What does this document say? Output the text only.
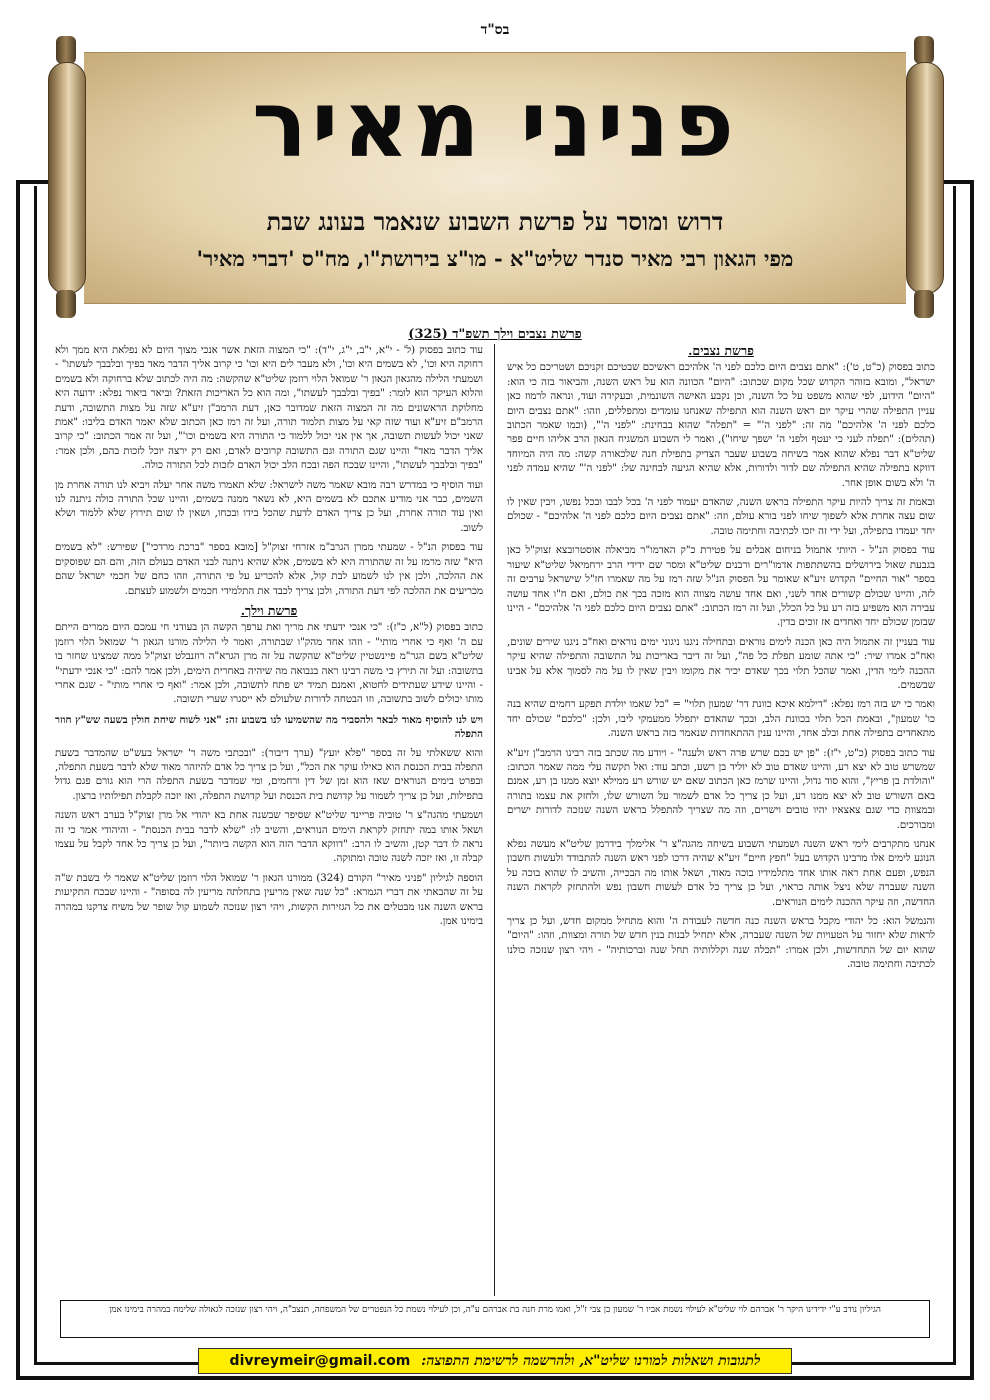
בס"ד
פניני מאיר
דרוש ומוסר על פרשת השבוע שנאמר בעונג שבת
מפי הגאון רבי מאיר סנדר שליט"א - מו"צ בירושת"ו, מח"ס 'דברי מאיר'
פרשת נצבים וילך תשפ"ד (325)
פרשת נצבים.

כתוב בפסוק (כ"ט, ט'): "אתם נצבים היום כלכם לפני ה' אלהיכם ראשיכם שבטיכם זקניכם ושטריכם כל איש ישראל", ומובא בזוהר הקדוש שכל מקום שכתוב: "היום" הכוונה הוא על ראש השנה, והביאור בזה כי הוא: "היום" הידוע, לפי שהוא משפט על כל השנה, וכן נקבע האישה השונמית, ובעקידה ועוד, ונראה לרמוז כאן עניין התפילה שהרי עיקר יום ראש השנה הוא התפילה שאנחנו עומדים ומתפללים, וזהו: "אתם נצבים היום כלכם לפני ה' אלהיכם" מה זה: "לפני ה'" = "תפלה" שהוא בבחינת: "לפני ה'", (וכמו שאמר הכתוב (תהלים): "תפלה לעני כי יעטף ולפני ה' ישפך שיחו"), ואמר לי השבוע המשגיח הגאון הרב אליהו חיים פפר שליט"א דבר נפלא שהוא אמר בשיחה בשבוע שעבר הצדיק בתפילת חנה שלכאורה קשה: מה היה המיוחד דווקא בתפילה שהיא התפילה שם לדור ולדורות, אלא שהיא הגיעה לבחינה של: "לפני ה'" שהיא עמדה לפני ה' ולא בשום אופן אחר.

ובאמת זה צריך להיות עיקר התפילה בראש השנה, שהאדם יעמוד לפני ה' בכל לבבו ובכל נפשו, ויבין שאין לו שום עצה אחרת אלא לשפוך שיחו לפני בורא עולם, וזה: "אתם נצבים היום כלכם לפני ה' אלהיכם" - שכולם יחד יעמדו בתפילה, ועל ידי זה יזכו לכתיבה וחתימה טובה.

עוד בפסוק הנ"ל - היותי אתמול בניחום אבלים על פטירת כ"ק האדמו"ר מביאלה אוסטרובצא זצוק"ל כאן בגבעת שאול בירושלים בהשתתפות אדמו"רים ורבנים שליט"א ומסר שם ידידי הרב ירחמיאל שליט"א שיעור בספר "אור החיים" הקדוש זיע"א שאומר על הפסוק הנ"ל שזה רמז על מה שאמרו חז"ל שישראל ערבים זה לזה, והיינו שכולם קשורים אחד לשני, ואם אחד עושה מצווה הוא מזכה בכך את כולם, ואם ח"ו אחד עושה עבירה הוא משפיע בזה רע על כל הכלל, ועל זה רמז הכתוב: "אתם נצבים היום כלכם לפני ה' אלהיכם" - היינו שבזמן שכולם יחד ואחדים אז זוכים בדין.

עוד בעניין זה אתמול היה כאן הכנה לימים נוראים ובתחילה ניגנו ניגוני ימים נוראים ואח"כ ניגנו שירים שונים, ואח"כ אמרו שיר: "כי אתה שומע תפלת כל פה", ועל זה דיבר באריכות על התשובה והתפילה שהיא עיקר ההכנה לימי הדין, ואמר שהכל תלוי בכך שאדם יכיר את מקומו ויבין שאין לו על מה לסמוך אלא על אבינו שבשמים.

ואמר כי יש בזה רמז נפלא: "דילמא איכא כוונת דר' שמעון תלוי" = "כל שאמו יולדת תפקע רחמים שהיא בנה כו' שמעון", ובאמת הכל תלוי בכוונת הלב, ובכך שהאדם יתפלל ממעמקי ליבו, ולכן: "כלכם" שכולם יחד מתאחדים בתפילה אחת ובלב אחד, והיינו ענין ההתאחדות שנאמר בזה בראש השנה.

עוד כתוב בפסוק (כ"ט, י"ז): "פן יש בכם שרש פרה ראש ולענה" - ויודע מה שכתב בזה רבינו הרמב"ן זיע"א שמשרש טוב לא יצא רע, והיינו שאדם טוב לא יוליד בן רשע, וכתב עוד: ואל תקשה עלי ממה שאמר הכתוב: "והולדת בן פריץ", והוא סוד גדול, והיינו שרמז כאן הכתוב שאם יש שורש רע ממילא יוצא ממנו בן רע, אמנם באם השורש טוב לא יצא ממנו רע, ועל כן צריך כל אדם לשמור על השורש שלו, ולחזק את עצמו בתורה ובמצוות כדי שגם צאצאיו יהיו טובים וישרים, וזה מה שצריך להתפלל בראש השנה שנזכה לדורות ישרים ומבורכים.

אנחנו מתקרבים לימי ראש השנה ושמעתי השבוע בשיחה מהגה"צ ר' אלימלך בידרמן שליט"א מעשה נפלא הנוגע לימים אלו מרבינו הקדוש בעל "חפץ חיים" זיע"א שהיה דרכו לפני ראש השנה להתבודד ולעשות חשבון הנפש, ופעם אחת ראה אותו אחד מתלמידיו בוכה מאוד, ושאל אותו מה הבכייה, והשיב לו שהוא בוכה על השנה שעברה שלא ניצל אותה כראוי, ועל כן צריך כל אדם לעשות חשבון נפש ולהתחזק לקראת השנה החדשה, וזה עיקר ההכנה לימים הנוראים.

והנמשל הוא: כל יהודי מקבל בראש השנה כנה חדשה לעבודת ה' והוא מתחיל ממקום חדש, ועל כן צריך לראות שלא יחזור על הטעויות של השנה שעברה, אלא יתחיל לבנות בנין חדש של תורה ומצוות, וזהו: "היום" שהוא יום של התחדשות, ולכן אמרו: "תכלה שנה וקללותיה תחל שנה וברכותיה" - ויהי רצון שנזכה כולנו לכתיבה וחתימה טובה.

עוד כתוב בפסוק (ל' - י"א, י"ב, י"ג, י"ד): "כי המצוה הזאת אשר אנכי מצוך היום לא נפלאת היא ממך ולא רחוקה היא וכו', לא בשמים היא וכו', ולא מעבר לים היא וכו' כי קרוב אליך הדבר מאד בפיך ובלבבך לעשתו" - ושמעתי הלילה מהגאון הגאון ר' שמואל הלוי רוזמן שליט"א שהקשה: מה היה לכתוב שלא ברחוקה ולא בשמים והלוא העיקר הוא לומר: "בפיך ובלבבך לעשתו", ומה הוא כל האריכות הזאת? וביאר ביאור נפלא: ידועה היא מחלוקת הראשונים מה זה המצוה הזאת שמדובר כאן, דעת הרמב"ן זיע"א שזה על מצות התשובה, ודעת הרמב"ם זיע"א ועוד שזה קאי על מצות תלמוד תורה, ועל זה רמז כאן הכתוב שלא יאמר האדם בליבו: "אמת שאני יכול לעשות תשובה, אך אין אני יכול ללמוד כי התורה היא בשמים וכו'", ועל זה אמר הכתוב: "כי קרוב אליך הדבר מאד" והיינו שגם התורה וגם התשובה קרובים לאדם, ואם רק ירצה יוכל לזכות בהם, ולכן אמר: "בפיך ובלבבך לעשתו", והיינו שבכח הפה ובכח הלב יכול האדם לזכות לכל התורה כולה.

ועוד הוסיף כי במדרש רבה מובא שאמר משה לישראל: שלא תאמרו משה אחר יעלה ויביא לנו תורה אחרת מן השמים, כבר אני מודיע אתכם לא בשמים היא, לא נשאר ממנה בשמים, והיינו שכל התורה כולה ניתנה לנו ואין עוד תורה אחרת, ועל כן צריך האדם לדעת שהכל בידו ובכחו, ושאין לו שום תירוץ שלא ללמוד ושלא לשוב.

עוד בפסוק הנ"ל - שמעתי ממרן הגרב"מ אזרחי זצוק"ל [מובא בספר "ברכת מרדכי"] שפירש: "לא בשמים היא" שזה מרמז על זה שהתורה היא לא בשמים, אלא שהיא ניתנה לבני האדם בעולם הזה, והם הם שפוסקים את ההלכה, ולכן אין לנו לשמוע לבת קול, אלא להכריע על פי התורה, וזהו כחם של חכמי ישראל שהם מכריעים את ההלכה לפי דעת התורה, ולכן צריך לכבד את התלמידי חכמים ולשמוע לעצתם.

פרשת וילך.

כתוב בפסוק (ל"א, כ"ז): "כי אנכי ידעתי את מריך ואת ערפך הקשה הן בעודני חי עמכם היום ממרים הייתם עם ה' ואף כי אחרי מותי" - וזהו אחד מהק"ו שבתורה, ואמר לי הלילה מורנו הגאון ר' שמואל הלוי רוזמן שליט"א בשם הגר"מ פיינשטיין שליט"א שהקשה על זה מרן הגרא"ה רוזנבלט זצוק"ל ממה שמצינו שחזר בו בתשובה: ועל זה תירץ כי משה רבינו ראה בנבואה מה שיהיה באחרית הימים, ולכן אמר להם: "כי אנכי ידעתי" - והיינו שידע שעתידים לחטוא, ואמנם תמיד יש פתח לתשובה, ולכן אמר: "ואף כי אחרי מותי" - שגם אחרי מותו יכולים לשוב בתשובה, וזו הבטחה לדורות שלעולם לא ייסגרו שערי תשובה.

ויש לנו להוסיף מאוד לבאר ולהסביר מה שהשמיעו לנו בשבוע זה: "אני לשוח שיחת חולין בשעה שש"ץ חוזר התפלה

והוא ששאלתי על זה בספר "פלא יועץ" (ערך דיבור): "ובכתבי משה ר' ישראל בעש"ט שהמדבר בשעת התפלה בבית הכנסת הוא כאילו עוקר את הכל", ועל כן צריך כל אדם להיזהר מאוד שלא לדבר בשעת התפלה, ובפרט בימים הנוראים שאז הוא זמן של דין ורחמים, ומי שמדבר בשעת התפלה הרי הוא גורם פגם גדול בתפילות, ועל כן צריך לשמור על קדושת בית הכנסת ועל קדושת התפלה, ואז יזכה לקבלת תפילותיו ברצון.

ושמעתי מהגה"צ ר' טוביה פריינד שליט"א שסיפר שבשנה אחת בא יהודי אל מרן זצוק"ל בערב ראש השנה ושאל אותו במה יתחזק לקראת הימים הנוראים, והשיב לו: "שלא לדבר בבית הכנסת" - והיהודי אמר כי זה נראה לו דבר קטן, והשיב לו הרב: "דווקא הדבר הזה הוא הקשה ביותר", ועל כן צריך כל אחד לקבל על עצמו קבלה זו, ואז יזכה לשנה טובה ומתוקה.

הוספה לגיליון "פניני מאיר" הקודם (324) ממורנו הגאון ר' שמואל הלוי רוזמן שליט"א שאמר לי בשבת ש"ה על זה שהבאתי את דברי הגמרא: "כל שנה שאין מריעין בתחלתה מריעין לה בסופה" - והיינו שבכח התקיעות בראש השנה אנו מבטלים את כל הגזירות הקשות, ויהי רצון שנזכה לשמוע קול שופר של משיח צדקנו במהרה בימינו אמן.

הגיליון נודב ע"י ידידינו היקר ר' אברהם לוי שליט"א לעילוי נשמת אביו ר' שמעון בן צבי ז"ל, ואמו מרת חנה בת אברהם ע"ה, וכן לעילוי נשמת כל הנפטרים של המשפחה, תנצב"ה, ויהי רצון שנזכה לגאולה שלימה במהרה בימינו אמן
divreymeir@gmail.com לתגובות ושאלות למורנו שליט"א, ולהרשמה לרשימת התפוצה:
